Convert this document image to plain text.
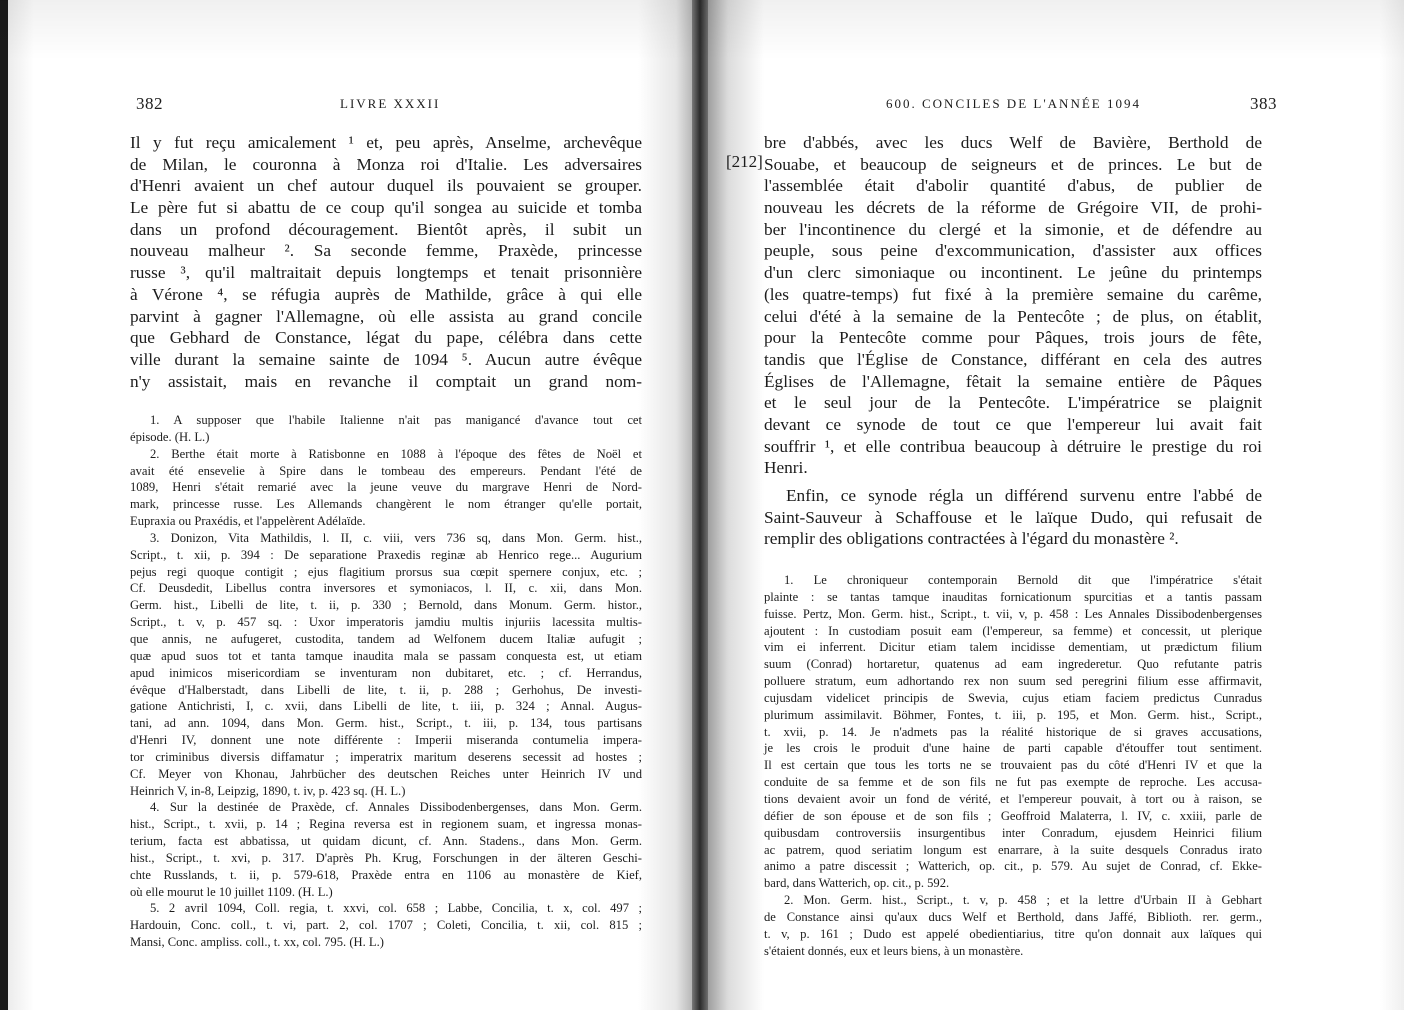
382	LIVRE XXXII
Il y fut reçu amicalement ¹ et, peu après, Anselme, archevêque
de Milan, le couronna à Monza roi d'Italie. Les adversaires
d'Henri avaient un chef autour duquel ils pouvaient se grouper.
Le père fut si abattu de ce coup qu'il songea au suicide et tomba
dans un profond découragement. Bientôt après, il subit un
nouveau malheur ². Sa seconde femme, Praxède, princesse
russe ³, qu'il maltraitait depuis longtemps et tenait prisonnière
à Vérone ⁴, se réfugia auprès de Mathilde, grâce à qui elle
parvint à gagner l'Allemagne, où elle assista au grand concile
que Gebhard de Constance, légat du pape, célébra dans cette
ville durant la semaine sainte de 1094 ⁵. Aucun autre évêque
n'y assistait, mais en revanche il comptait un grand nom-
1. A supposer que l'habile Italienne n'ait pas manigancé d'avance tout cet
épisode. (H. L.)
2. Berthe était morte à Ratisbonne en 1088 à l'époque des fêtes de Noël et
avait été ensevelie à Spire dans le tombeau des empereurs. Pendant l'été de
1089, Henri s'était remarié avec la jeune veuve du margrave Henri de Nord-
mark, princesse russe. Les Allemands changèrent le nom étranger qu'elle portait,
Eupraxia ou Praxédis, et l'appelèrent Adélaïde.
3. Donizon, Vita Mathildis, l. II, c. viii, vers 736 sq, dans Mon. Germ. hist.,
Script., t. xii, p. 394 : De separatione Praxedis reginæ ab Henrico rege... Augurium
pejus regi quoque contigit ; ejus flagitium prorsus sua cœpit spernere conjux, etc. ;
Cf. Deusdedit, Libellus contra inversores et symoniacos, l. II, c. xii, dans Mon.
Germ. hist., Libelli de lite, t. ii, p. 330 ; Bernold, dans Monum. Germ. histor.,
Script., t. v, p. 457 sq. : Uxor imperatoris jamdiu multis injuriis lacessita multis-
que annis, ne aufugeret, custodita, tandem ad Welfonem ducem Italiæ aufugit ;
quæ apud suos tot et tanta tamque inaudita mala se passam conquesta est, ut etiam
apud inimicos misericordiam se inventuram non dubitaret, etc. ; cf. Herrandus,
évêque d'Halberstadt, dans Libelli de lite, t. ii, p. 288 ; Gerhohus, De investi-
gatione Antichristi, I, c. xvii, dans Libelli de lite, t. iii, p. 324 ; Annal. Augus-
tani, ad ann. 1094, dans Mon. Germ. hist., Script., t. iii, p. 134, tous partisans
d'Henri IV, donnent une note différente : Imperii miseranda contumelia impera-
tor criminibus diversis diffamatur ; imperatrix maritum deserens secessit ad hostes ;
Cf. Meyer von Khonau, Jahrbücher des deutschen Reiches unter Heinrich IV und
Heinrich V, in-8, Leipzig, 1890, t. iv, p. 423 sq. (H. L.)
4. Sur la destinée de Praxède, cf. Annales Dissibodenbergenses, dans Mon. Germ.
hist., Script., t. xvii, p. 14 ; Regina reversa est in regionem suam, et ingressa monas-
terium, facta est abbatissa, ut quidam dicunt, cf. Ann. Stadens., dans Mon. Germ.
hist., Script., t. xvi, p. 317. D'après Ph. Krug, Forschungen in der älteren Geschi-
chte Russlands, t. ii, p. 579-618, Praxède entra en 1106 au monastère de Kief,
où elle mourut le 10 juillet 1109. (H. L.)
5. 2 avril 1094, Coll. regia, t. xxvi, col. 658 ; Labbe, Concilia, t. x, col. 497 ;
Hardouin, Conc. coll., t. vi, part. 2, col. 1707 ; Coleti, Concilia, t. xii, col. 815 ;
Mansi, Conc. ampliss. coll., t. xx, col. 795. (H. L.)
600. CONCILES DE L'ANNÉE 1094	383
[212]
bre d'abbés, avec les ducs Welf de Bavière, Berthold de
Souabe, et beaucoup de seigneurs et de princes. Le but de
l'assemblée était d'abolir quantité d'abus, de publier de
nouveau les décrets de la réforme de Grégoire VII, de prohi-
ber l'incontinence du clergé et la simonie, et de défendre au
peuple, sous peine d'excommunication, d'assister aux offices
d'un clerc simoniaque ou incontinent. Le jeûne du printemps
(les quatre-temps) fut fixé à la première semaine du carême,
celui d'été à la semaine de la Pentecôte ; de plus, on établit,
pour la Pentecôte comme pour Pâques, trois jours de fête,
tandis que l'Église de Constance, différant en cela des autres
Églises de l'Allemagne, fêtait la semaine entière de Pâques
et le seul jour de la Pentecôte. L'impératrice se plaignit
devant ce synode de tout ce que l'empereur lui avait fait
souffrir ¹, et elle contribua beaucoup à détruire le prestige du roi
Henri.
Enfin, ce synode régla un différend survenu entre l'abbé de
Saint-Sauveur à Schaffouse et le laïque Dudo, qui refusait de
remplir des obligations contractées à l'égard du monastère ².
1. Le chroniqueur contemporain Bernold dit que l'impératrice s'était
plainte : se tantas tamque inauditas fornicationum spurcitias et a tantis passam
fuisse. Pertz, Mon. Germ. hist., Script., t. vii, v, p. 458 : Les Annales Dissibodenbergenses
ajoutent : In custodiam posuit eam (l'empereur, sa femme) et concessit, ut plerique
vim ei inferrent. Dicitur etiam talem incidisse dementiam, ut prædictum filium
suum (Conrad) hortaretur, quatenus ad eam ingrederetur. Quo refutante patris
polluere stratum, eum adhortando rex non suum sed peregrini filium esse affirmavit,
cujusdam videlicet principis de Swevia, cujus etiam faciem predictus Cunradus
plurimum assimilavit. Böhmer, Fontes, t. iii, p. 195, et Mon. Germ. hist., Script.,
t. xvii, p. 14. Je n'admets pas la réalité historique de si graves accusations,
je les crois le produit d'une haine de parti capable d'étouffer tout sentiment.
Il est certain que tous les torts ne se trouvaient pas du côté d'Henri IV et que la
conduite de sa femme et de son fils ne fut pas exempte de reproche. Les accusa-
tions devaient avoir un fond de vérité, et l'empereur pouvait, à tort ou à raison, se
défier de son épouse et de son fils ; Geoffroid Malaterra, l. IV, c. xxiii, parle de
quibusdam controversiis insurgentibus inter Conradum, ejusdem Heinrici filium
ac patrem, quod seriatim longum est enarrare, à la suite desquels Conradus irato
animo a patre discessit ; Watterich, op. cit., p. 579. Au sujet de Conrad, cf. Ekke-
bard, dans Watterich, op. cit., p. 592.
2. Mon. Germ. hist., Script., t. v, p. 458 ; et la lettre d'Urbain II à Gebhart
de Constance ainsi qu'aux ducs Welf et Berthold, dans Jaffé, Biblioth. rer. germ.,
t. v, p. 161 ; Dudo est appelé obedientiarius, titre qu'on donnait aux laïques qui
s'étaient donnés, eux et leurs biens, à un monastère.
